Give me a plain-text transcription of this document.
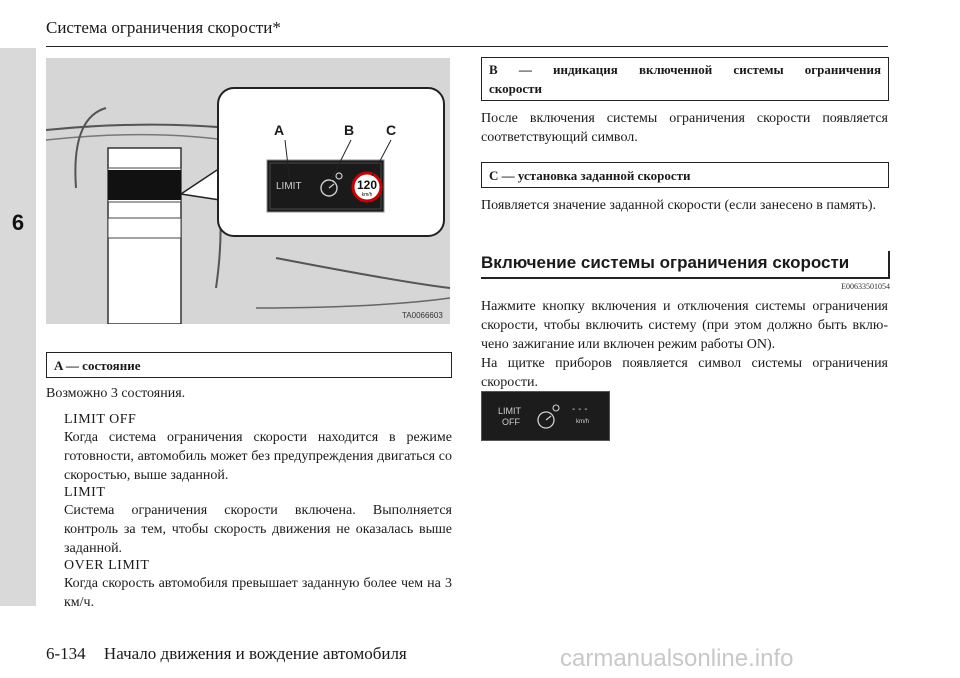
6
Система ограничения скорости*
A	B C
LIMIT	120
km/h
TA0066603
A — состояние
Возможно 3 состояния.
LIMIT OFF
Когда система ограничения скорости находится в режиме готовности, автомобиль может без предупреждения двигаться со скоростью, выше заданной.
LIMIT
Система ограничения скорости включена. Выполняется контроль за тем, чтобы скорость движения не оказалась выше заданной.
OVER LIMIT
Когда скорость автомобиля превышает заданную более чем на 3 км/ч.
B — индикация включенной системы ограничения
скорости
После включения системы ограничения скорости появляется соответствующий символ.
C — установка заданной скорости
Появляется значение заданной скорости (если занесено в память).
Включение системы ограничения скорости
E00633501054
Нажмите кнопку включения и отключения системы ограничения скорости, чтобы включить систему (при этом должно быть вклю-чено зажигание или включен режим работы ON).
На щитке приборов появляется символ системы ограничения скорости.
LIMIT
OFF
- - -
km/h
6-134 Начало движения и вождение автомобиля	carmanualsonline.info
